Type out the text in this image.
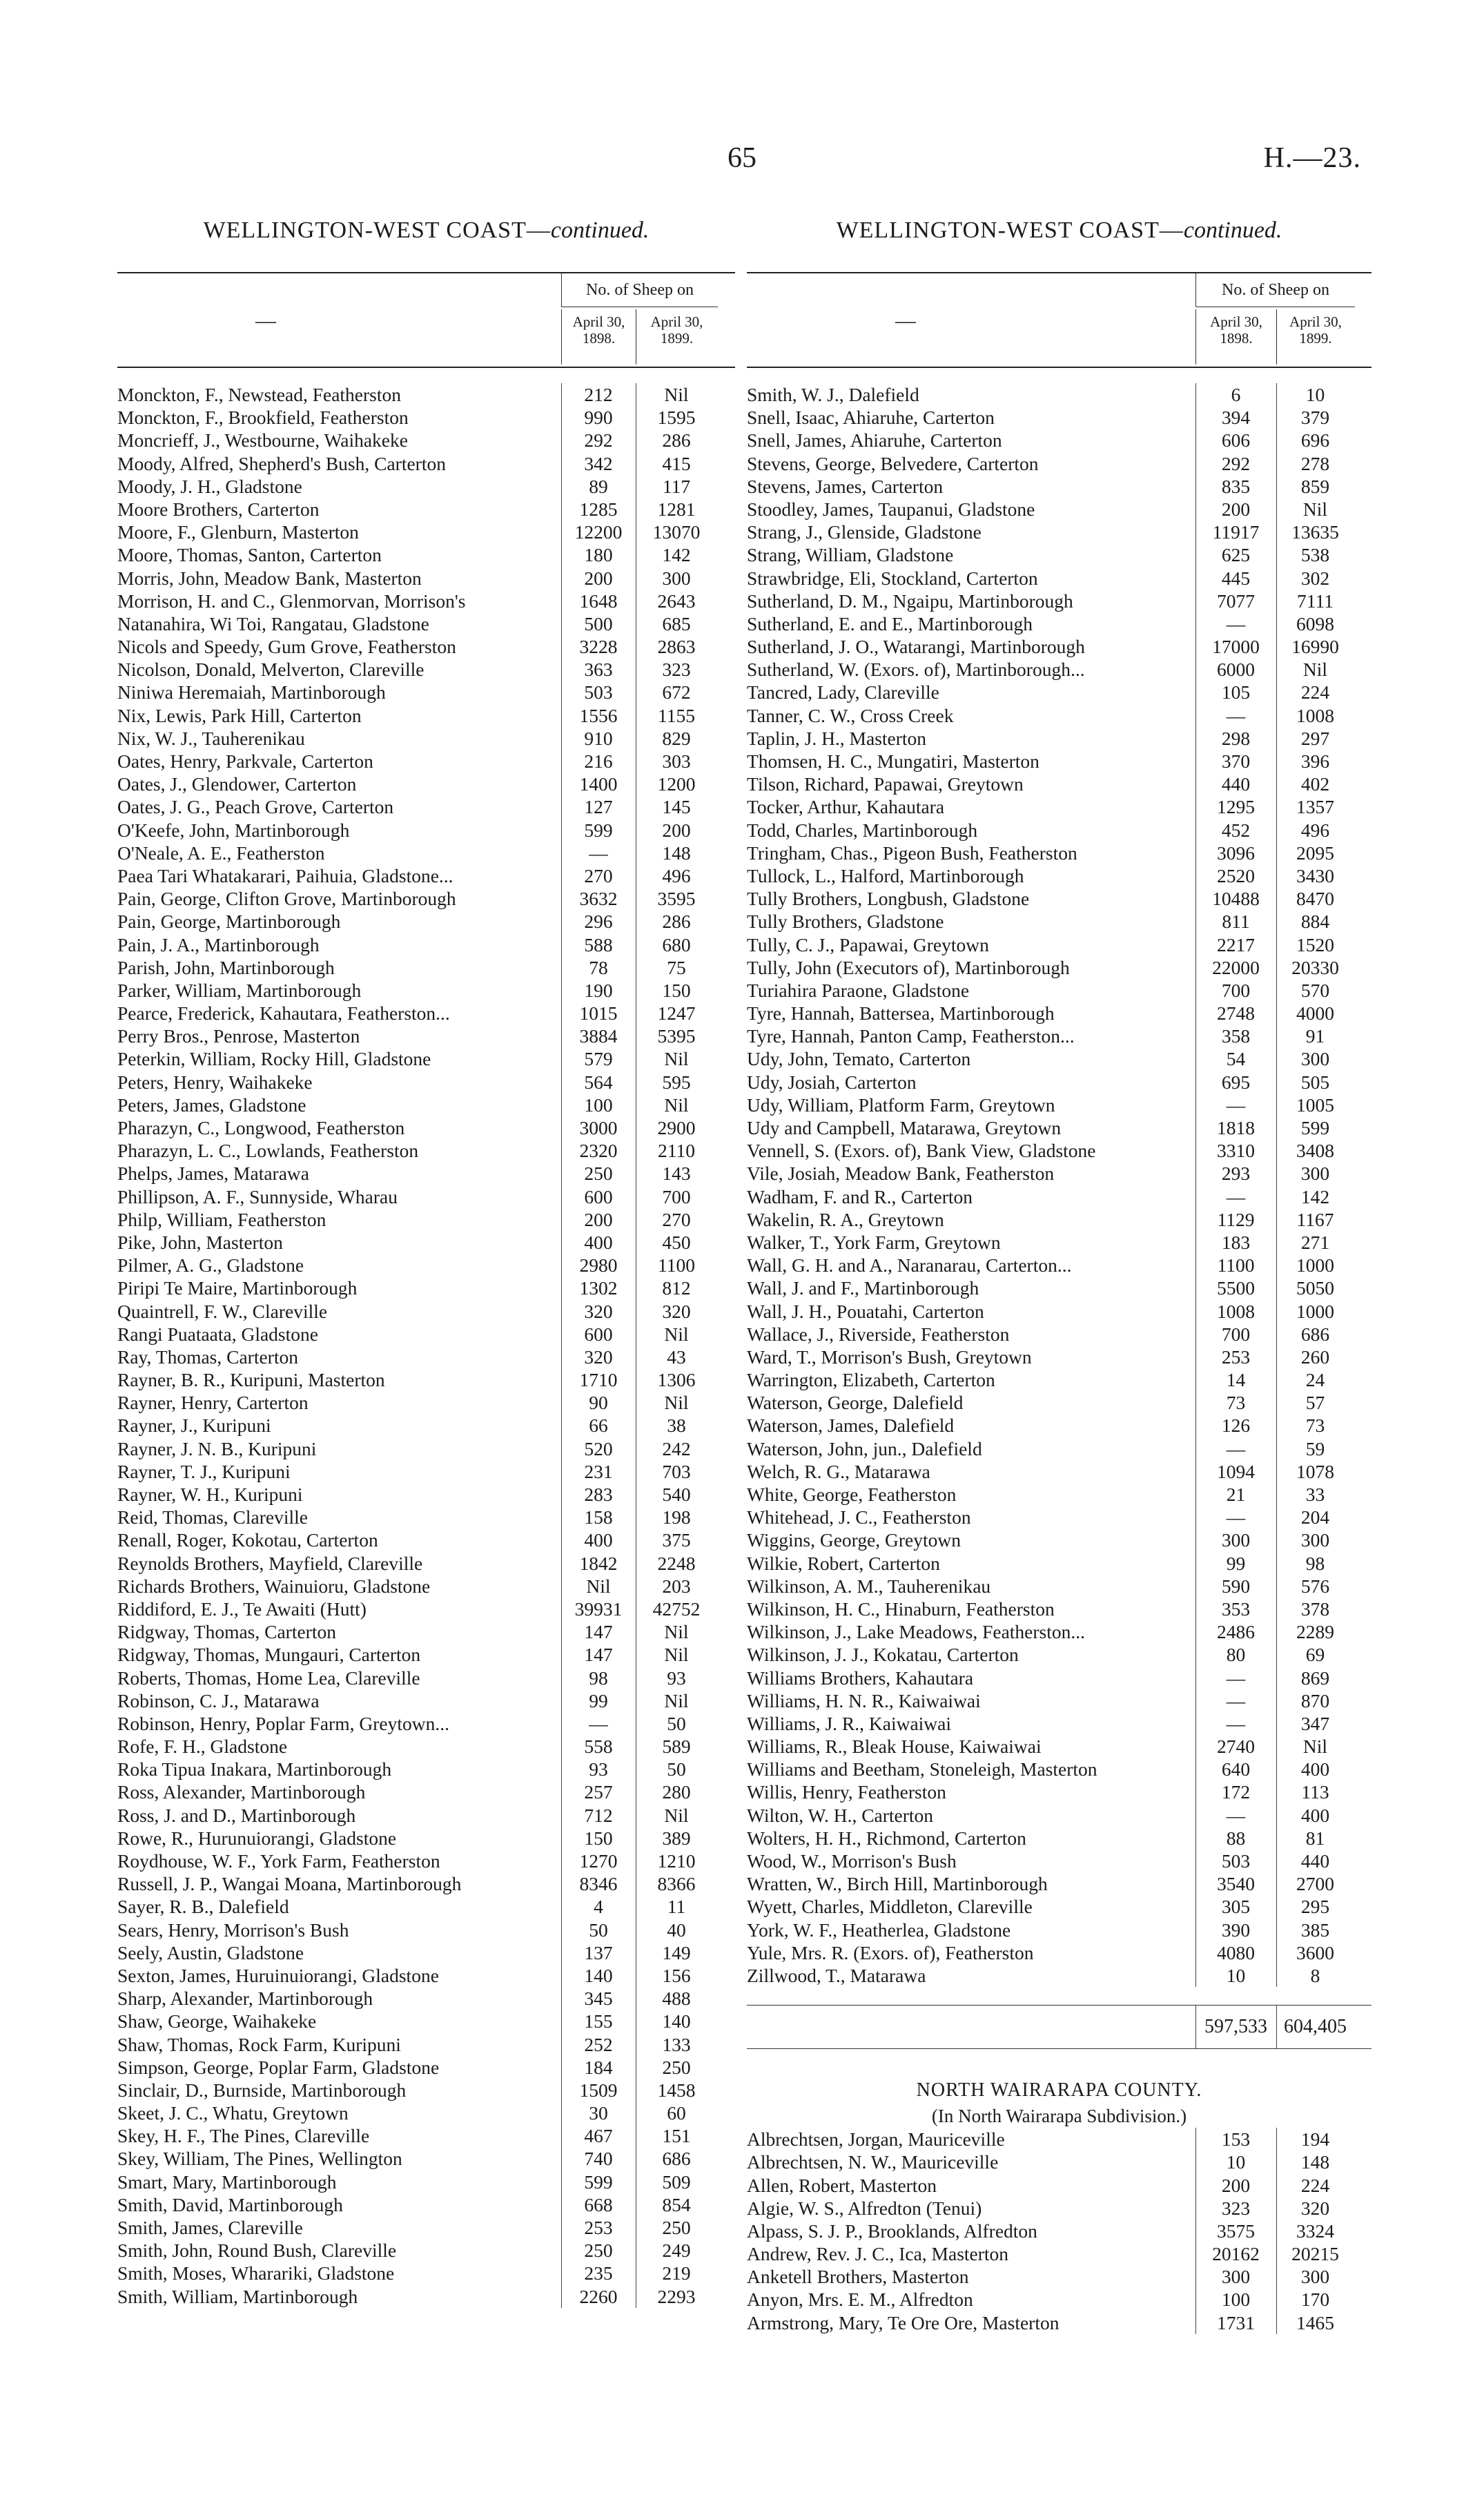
65	H.—23.
WELLINGTON-WEST COAST—continued.
—
No. of Sheep on
April 30,
1898.
April 30,
1899.
Monckton, F., Newstead, Featherston	212	Nil
Monckton, F., Brookfield, Featherston	990	1595
Moncrieff, J., Westbourne, Waihakeke	292	286
Moody, Alfred, Shepherd's Bush, Carterton	342	415
Moody, J. H., Gladstone	89	117
Moore Brothers, Carterton	1285	1281
Moore, F., Glenburn, Masterton	12200	13070
Moore, Thomas, Santon, Carterton	180	142
Morris, John, Meadow Bank, Masterton	200	300
Morrison, H. and C., Glenmorvan, Morrison's	1648	2643
Natanahira, Wi Toi, Rangatau, Gladstone	500	685
Nicols and Speedy, Gum Grove, Featherston	3228	2863
Nicolson, Donald, Melverton, Clareville	363	323
Niniwa Heremaiah, Martinborough	503	672
Nix, Lewis, Park Hill, Carterton	1556	1155
Nix, W. J., Tauherenikau	910	829
Oates, Henry, Parkvale, Carterton	216	303
Oates, J., Glendower, Carterton	1400	1200
Oates, J. G., Peach Grove, Carterton	127	145
O'Keefe, John, Martinborough	599	200
O'Neale, A. E., Featherston	—	148
Paea Tari Whatakarari, Paihuia, Gladstone...	270	496
Pain, George, Clifton Grove, Martinborough	3632	3595
Pain, George, Martinborough	296	286
Pain, J. A., Martinborough	588	680
Parish, John, Martinborough	78	75
Parker, William, Martinborough	190	150
Pearce, Frederick, Kahautara, Featherston...	1015	1247
Perry Bros., Penrose, Masterton	3884	5395
Peterkin, William, Rocky Hill, Gladstone	579	Nil
Peters, Henry, Waihakeke	564	595
Peters, James, Gladstone	100	Nil
Pharazyn, C., Longwood, Featherston	3000	2900
Pharazyn, L. C., Lowlands, Featherston	2320	2110
Phelps, James, Matarawa	250	143
Phillipson, A. F., Sunnyside, Wharau	600	700
Philp, William, Featherston	200	270
Pike, John, Masterton	400	450
Pilmer, A. G., Gladstone	2980	1100
Piripi Te Maire, Martinborough	1302	812
Quaintrell, F. W., Clareville	320	320
Rangi Puataata, Gladstone	600	Nil
Ray, Thomas, Carterton	320	43
Rayner, B. R., Kuripuni, Masterton	1710	1306
Rayner, Henry, Carterton	90	Nil
Rayner, J., Kuripuni	66	38
Rayner, J. N. B., Kuripuni	520	242
Rayner, T. J., Kuripuni	231	703
Rayner, W. H., Kuripuni	283	540
Reid, Thomas, Clareville	158	198
Renall, Roger, Kokotau, Carterton	400	375
Reynolds Brothers, Mayfield, Clareville	1842	2248
Richards Brothers, Wainuioru, Gladstone	Nil	203
Riddiford, E. J., Te Awaiti (Hutt)	39931	42752
Ridgway, Thomas, Carterton	147	Nil
Ridgway, Thomas, Mungauri, Carterton	147	Nil
Roberts, Thomas, Home Lea, Clareville	98	93
Robinson, C. J., Matarawa	99	Nil
Robinson, Henry, Poplar Farm, Greytown...	—	50
Rofe, F. H., Gladstone	558	589
Roka Tipua Inakara, Martinborough	93	50
Ross, Alexander, Martinborough	257	280
Ross, J. and D., Martinborough	712	Nil
Rowe, R., Hurunuiorangi, Gladstone	150	389
Roydhouse, W. F., York Farm, Featherston	1270	1210
Russell, J. P., Wangai Moana, Martinborough	8346	8366
Sayer, R. B., Dalefield	4	11
Sears, Henry, Morrison's Bush	50	40
Seely, Austin, Gladstone	137	149
Sexton, James, Huruinuiorangi, Gladstone	140	156
Sharp, Alexander, Martinborough	345	488
Shaw, George, Waihakeke	155	140
Shaw, Thomas, Rock Farm, Kuripuni	252	133
Simpson, George, Poplar Farm, Gladstone	184	250
Sinclair, D., Burnside, Martinborough	1509	1458
Skeet, J. C., Whatu, Greytown	30	60
Skey, H. F., The Pines, Clareville	467	151
Skey, William, The Pines, Wellington	740	686
Smart, Mary, Martinborough	599	509
Smith, David, Martinborough	668	854
Smith, James, Clareville	253	250
Smith, John, Round Bush, Clareville	250	249
Smith, Moses, Wharariki, Gladstone	235	219
Smith, William, Martinborough	2260	2293
WELLINGTON-WEST COAST—continued.
—
No. of Sheep on
April 30,
1898.
April 30,
1899.
Smith, W. J., Dalefield	6	10
Snell, Isaac, Ahiaruhe, Carterton	394	379
Snell, James, Ahiaruhe, Carterton	606	696
Stevens, George, Belvedere, Carterton	292	278
Stevens, James, Carterton	835	859
Stoodley, James, Taupanui, Gladstone	200	Nil
Strang, J., Glenside, Gladstone	11917	13635
Strang, William, Gladstone	625	538
Strawbridge, Eli, Stockland, Carterton	445	302
Sutherland, D. M., Ngaipu, Martinborough	7077	7111
Sutherland, E. and E., Martinborough	—	6098
Sutherland, J. O., Watarangi, Martinborough	17000	16990
Sutherland, W. (Exors. of), Martinborough...	6000	Nil
Tancred, Lady, Clareville	105	224
Tanner, C. W., Cross Creek	—	1008
Taplin, J. H., Masterton	298	297
Thomsen, H. C., Mungatiri, Masterton	370	396
Tilson, Richard, Papawai, Greytown	440	402
Tocker, Arthur, Kahautara	1295	1357
Todd, Charles, Martinborough	452	496
Tringham, Chas., Pigeon Bush, Featherston	3096	2095
Tullock, L., Halford, Martinborough	2520	3430
Tully Brothers, Longbush, Gladstone	10488	8470
Tully Brothers, Gladstone	811	884
Tully, C. J., Papawai, Greytown	2217	1520
Tully, John (Executors of), Martinborough	22000	20330
Turiahira Paraone, Gladstone	700	570
Tyre, Hannah, Battersea, Martinborough	2748	4000
Tyre, Hannah, Panton Camp, Featherston...	358	91
Udy, John, Temato, Carterton	54	300
Udy, Josiah, Carterton	695	505
Udy, William, Platform Farm, Greytown	—	1005
Udy and Campbell, Matarawa, Greytown	1818	599
Vennell, S. (Exors. of), Bank View, Gladstone	3310	3408
Vile, Josiah, Meadow Bank, Featherston	293	300
Wadham, F. and R., Carterton	—	142
Wakelin, R. A., Greytown	1129	1167
Walker, T., York Farm, Greytown	183	271
Wall, G. H. and A., Naranarau, Carterton...	1100	1000
Wall, J. and F., Martinborough	5500	5050
Wall, J. H., Pouatahi, Carterton	1008	1000
Wallace, J., Riverside, Featherston	700	686
Ward, T., Morrison's Bush, Greytown	253	260
Warrington, Elizabeth, Carterton	14	24
Waterson, George, Dalefield	73	57
Waterson, James, Dalefield	126	73
Waterson, John, jun., Dalefield	—	59
Welch, R. G., Matarawa	1094	1078
White, George, Featherston	21	33
Whitehead, J. C., Featherston	—	204
Wiggins, George, Greytown	300	300
Wilkie, Robert, Carterton	99	98
Wilkinson, A. M., Tauherenikau	590	576
Wilkinson, H. C., Hinaburn, Featherston	353	378
Wilkinson, J., Lake Meadows, Featherston...	2486	2289
Wilkinson, J. J., Kokatau, Carterton	80	69
Williams Brothers, Kahautara	—	869
Williams, H. N. R., Kaiwaiwai	—	870
Williams, J. R., Kaiwaiwai	—	347
Williams, R., Bleak House, Kaiwaiwai	2740	Nil
Williams and Beetham, Stoneleigh, Masterton	640	400
Willis, Henry, Featherston	172	113
Wilton, W. H., Carterton	—	400
Wolters, H. H., Richmond, Carterton	88	81
Wood, W., Morrison's Bush	503	440
Wratten, W., Birch Hill, Martinborough	3540	2700
Wyett, Charles, Middleton, Clareville	305	295
York, W. F., Heatherlea, Gladstone	390	385
Yule, Mrs. R. (Exors. of), Featherston	4080	3600
Zillwood, T., Matarawa	10	8
597,533 604,405
NORTH WAIRARAPA COUNTY.
(In North Wairarapa Subdivision.)
Albrechtsen, Jorgan, Mauriceville	153	194
Albrechtsen, N. W., Mauriceville	10	148
Allen, Robert, Masterton	200	224
Algie, W. S., Alfredton (Tenui)	323	320
Alpass, S. J. P., Brooklands, Alfredton	3575	3324
Andrew, Rev. J. C., Ica, Masterton	20162	20215
Anketell Brothers, Masterton	300	300
Anyon, Mrs. E. M., Alfredton	100	170
Armstrong, Mary, Te Ore Ore, Masterton	1731	1465
